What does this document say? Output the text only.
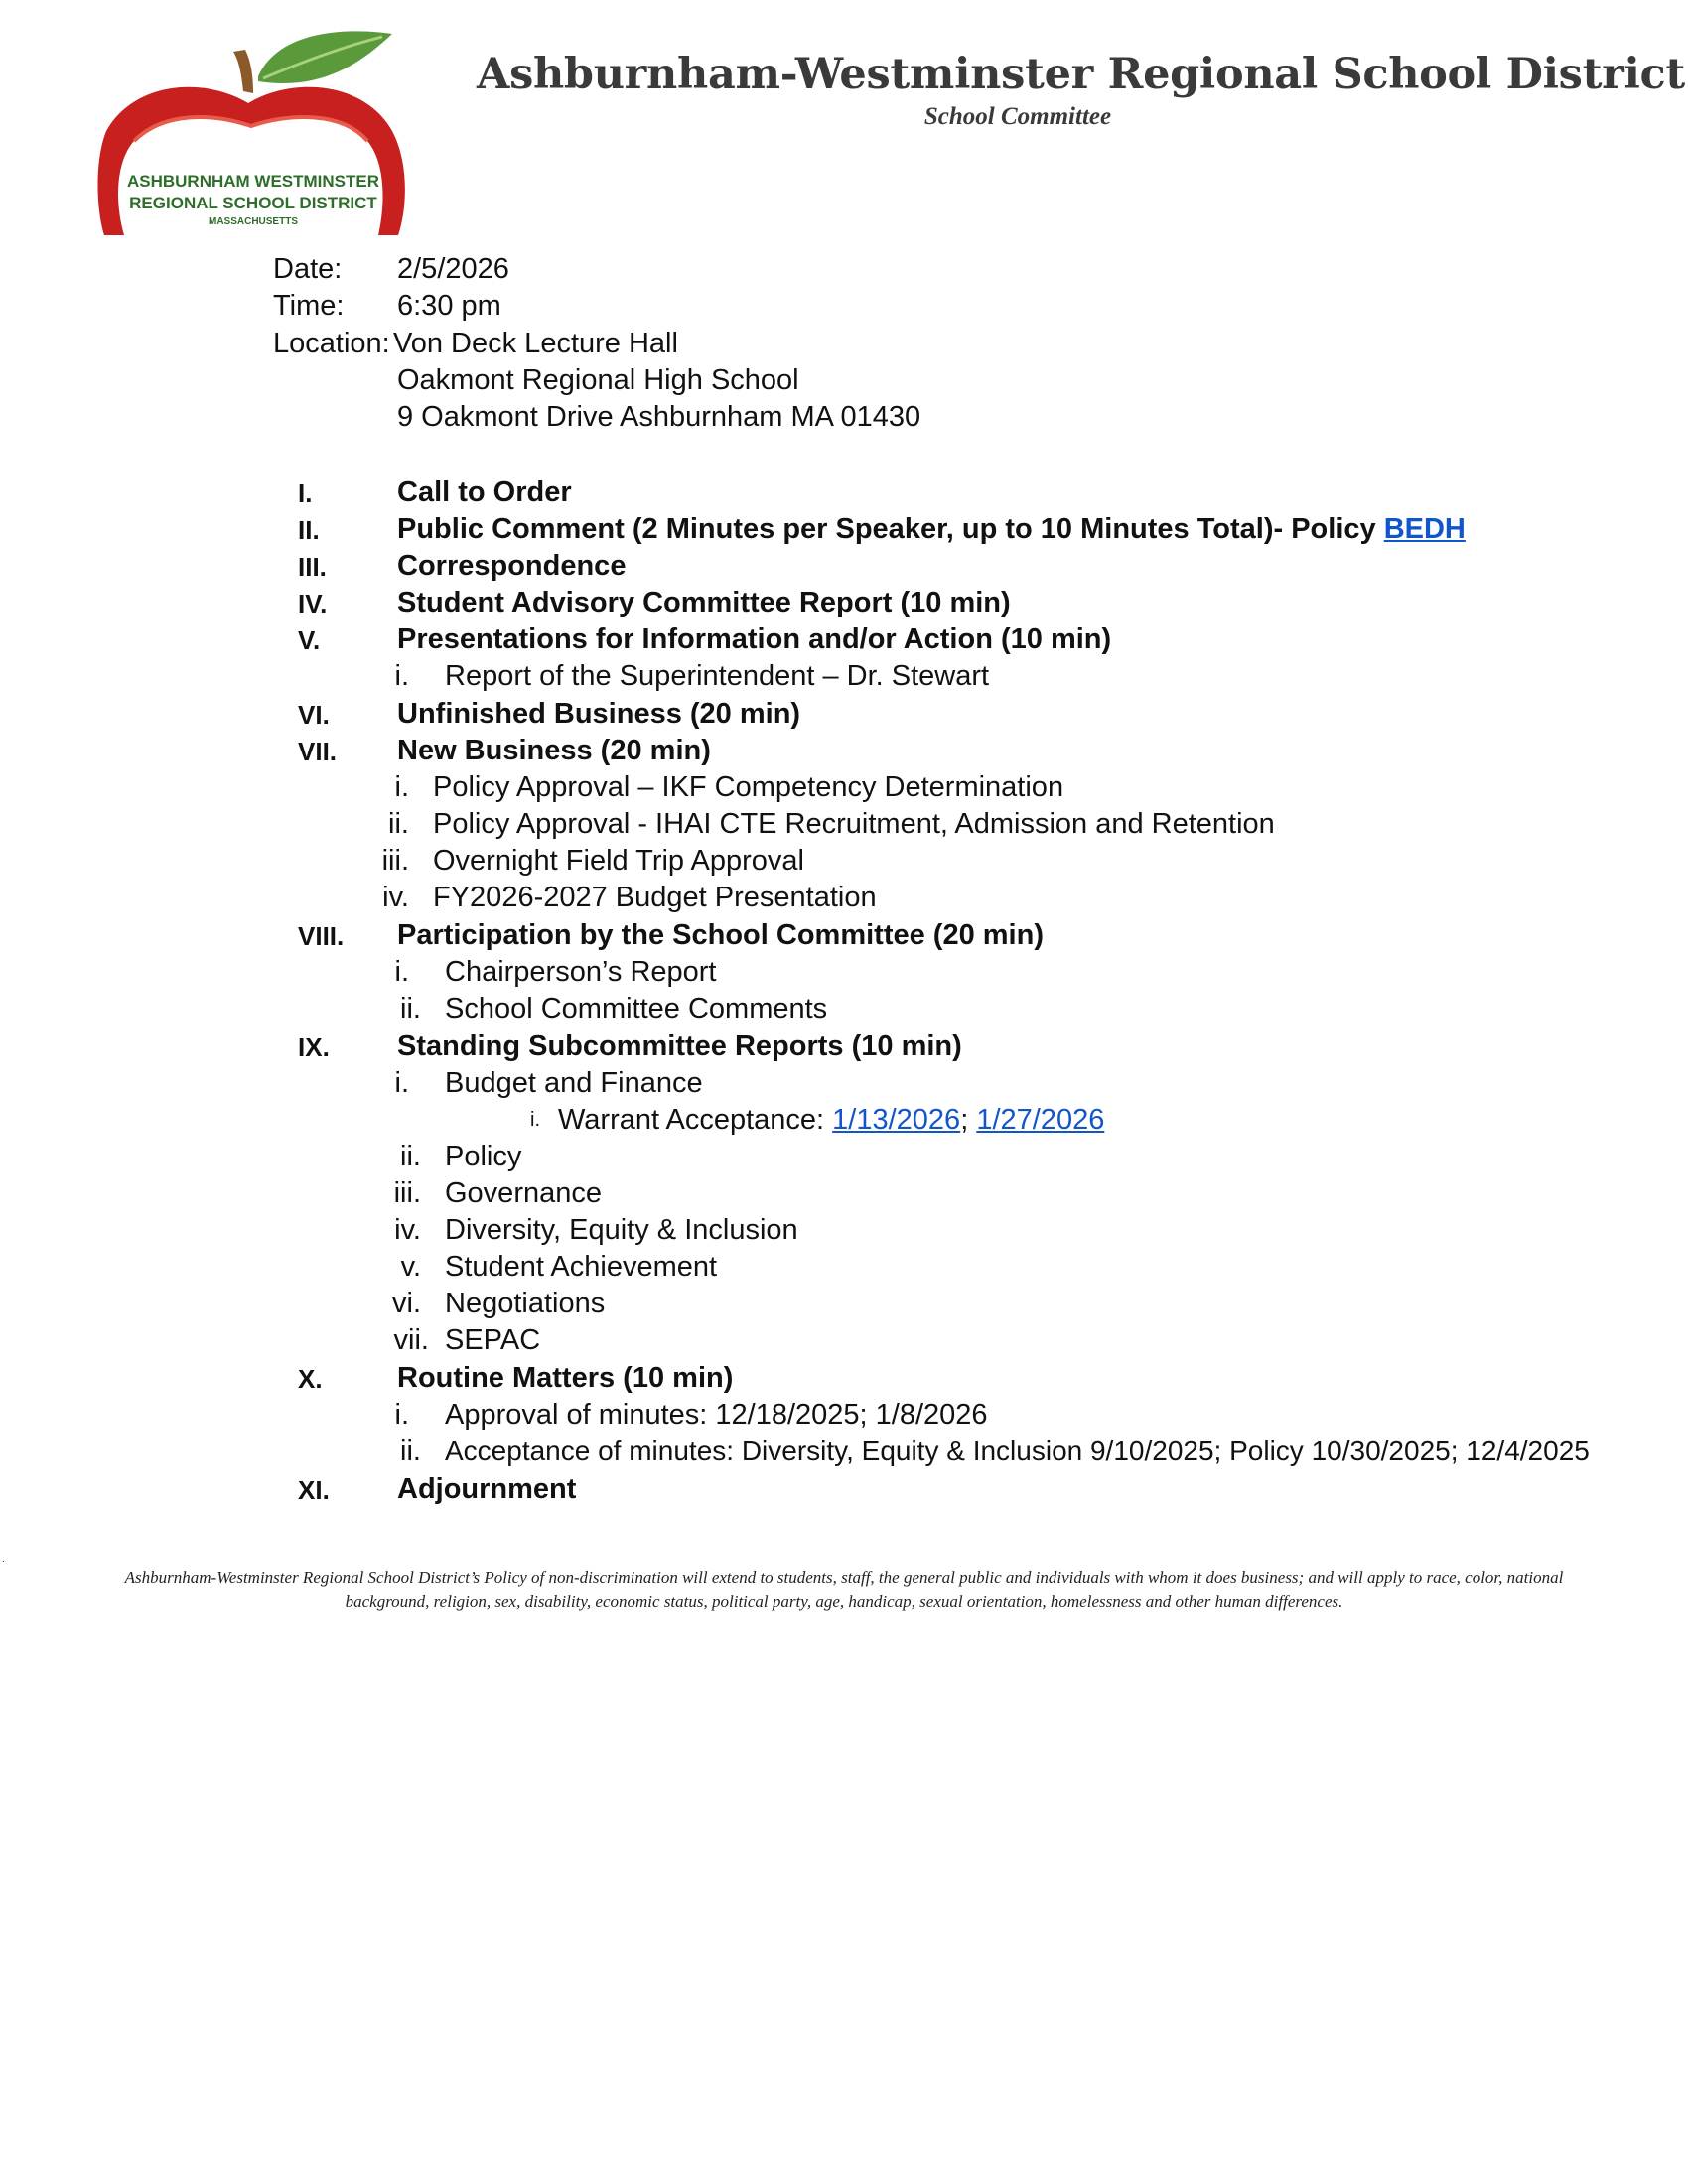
ASHBURNHAM WESTMINSTER
REGIONAL SCHOOL DISTRICT
MASSACHUSETTS
Ashburnham-Westminster Regional School District
School Committee
Date: 2/5/2026
Time: 6:30 pm
Location: Von Deck Lecture Hall
Oakmont Regional High School
9 Oakmont Drive Ashburnham MA 01430
I.	Call to Order
II.	Public Comment (2 Minutes per Speaker, up to 10 Minutes Total)- Policy BEDH
III. Correspondence
IV. Student Advisory Committee Report (10 min)
V.	Presentations for Information and/or Action (10 min)
i. Report of the Superintendent – Dr. Stewart
VI. Unfinished Business (20 min)
VII. New Business (20 min)
i. Policy Approval – IKF Competency Determination
ii. Policy Approval - IHAI CTE Recruitment, Admission and Retention
iii. Overnight Field Trip Approval
iv. FY2026-2027 Budget Presentation
VIII. Participation by the School Committee (20 min)
i. Chairperson’s Report
ii. School Committee Comments
IX. Standing Subcommittee Reports (10 min)
i. Budget and Finance
i. Warrant Acceptance: 1/13/2026; 1/27/2026
ii. Policy
iii. Governance
iv. Diversity, Equity & Inclusion
v. Student Achievement
vi. Negotiations
vii. SEPAC
X.	Routine Matters (10 min)
i. Approval of minutes: 12/18/2025; 1/8/2026
ii. Acceptance of minutes: Diversity, Equity & Inclusion 9/10/2025; Policy 10/30/2025; 12/4/2025
XI. Adjournment
.
Ashburnham-Westminster Regional School District’s Policy of non-discrimination will extend to students, staff, the general public and individuals with whom it does business; and will apply to race, color, national
background, religion, sex, disability, economic status, political party, age, handicap, sexual orientation, homelessness and other human differences.
